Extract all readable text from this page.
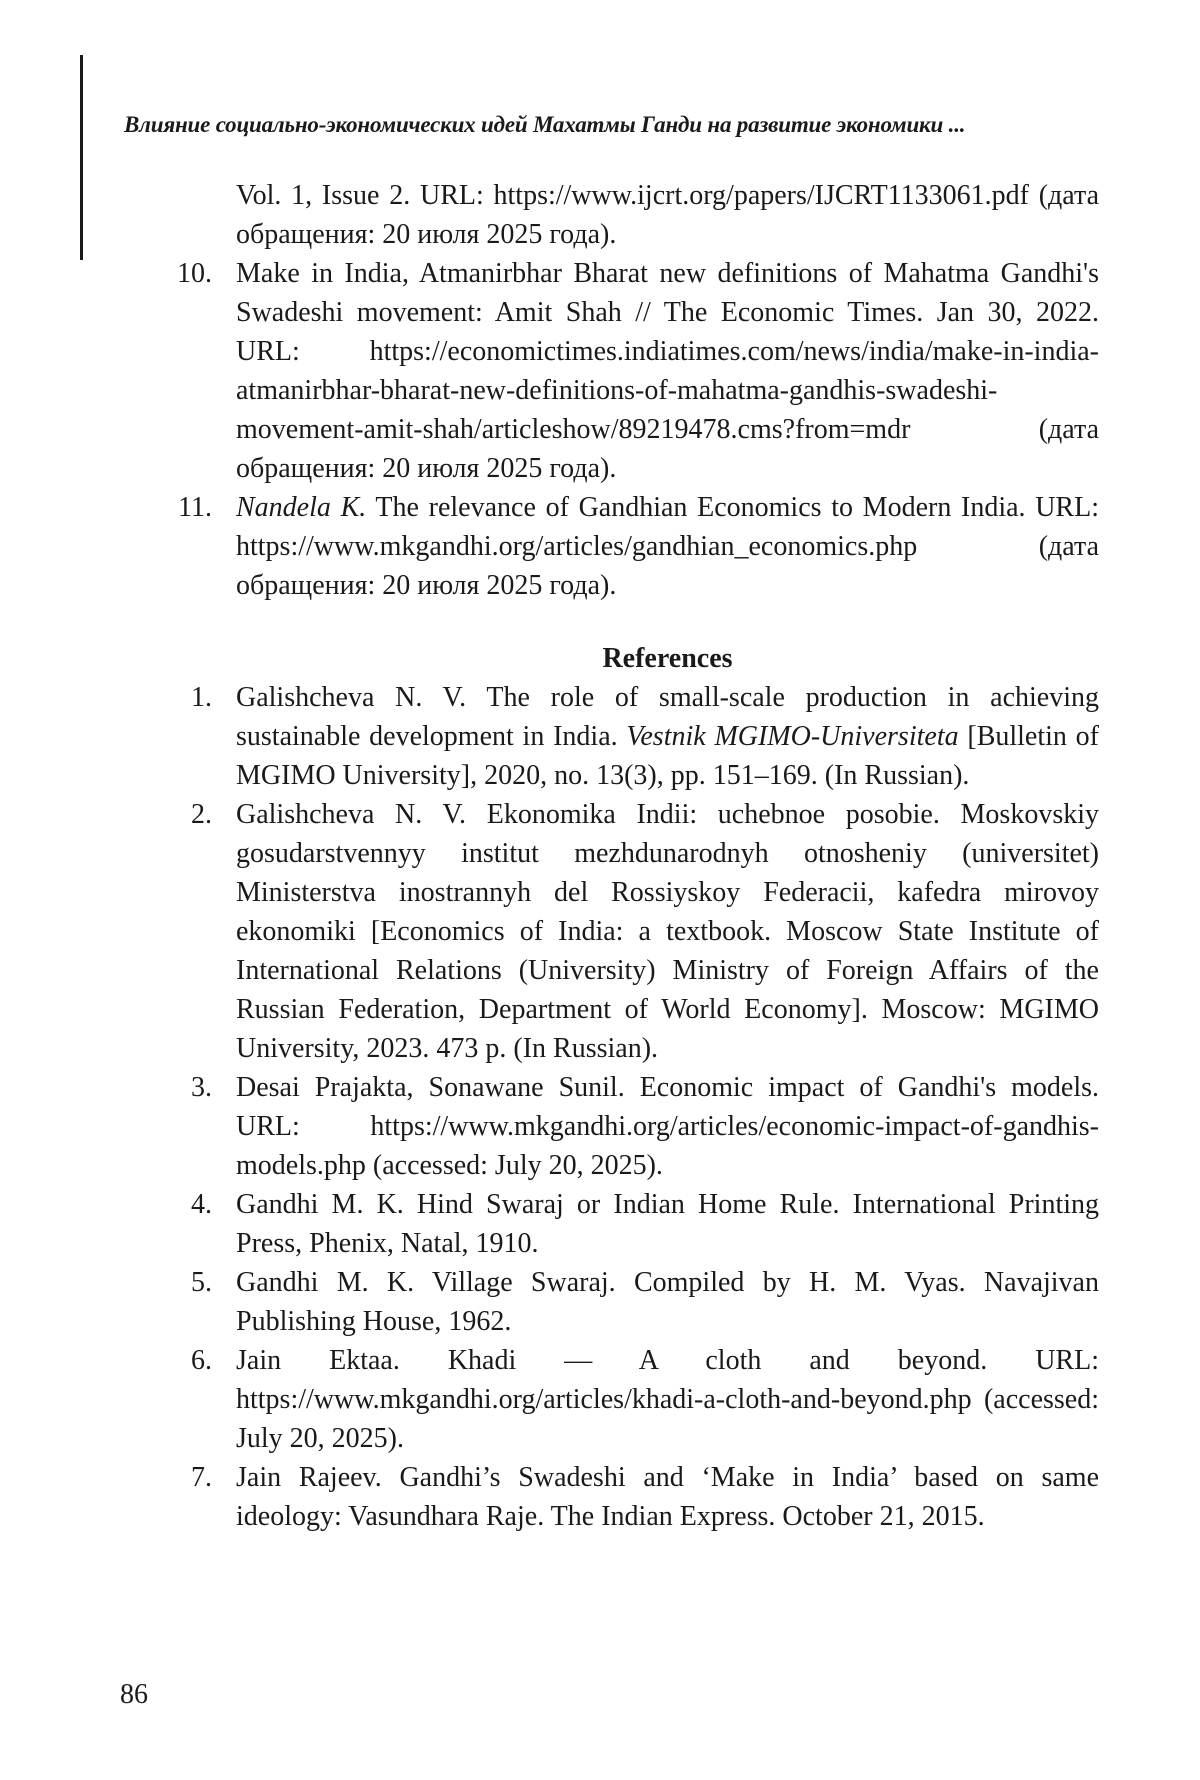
Влияние социально-экономических идей Махатмы Ганди на развитие экономики ...
Vol. 1, Issue 2. URL: https://www.ijcrt.org/papers/IJCRT1133061.pdf (дата обращения: 20 июля 2025 года).
10. Make in India, Atmanirbhar Bharat new definitions of Mahatma Gandhi's Swadeshi movement: Amit Shah // The Economic Times. Jan 30, 2022. URL: https://economictimes.indiatimes.com/news/india/make-in-india-atmanirbhar-bharat-new-definitions-of-mahatma-gandhis-swadeshi-movement-amit-shah/articleshow/89219478.cms?from=mdr (дата обращения: 20 июля 2025 года).
11. Nandela K. The relevance of Gandhian Economics to Modern India. URL: https://www.mkgandhi.org/articles/gandhian_economics.php (дата обращения: 20 июля 2025 года).
References
1. Galishcheva N. V. The role of small-scale production in achieving sustainable development in India. Vestnik MGIMO-Universiteta [Bulletin of MGIMO University], 2020, no. 13(3), pp. 151–169. (In Russian).
2. Galishcheva N. V. Ekonomika Indii: uchebnoe posobie. Moskovskiy gosudarstvennyy institut mezhdunarodnyh otnosheniy (universitet) Ministerstva inostrannyh del Rossiyskoy Federacii, kafedra mirovoy ekonomiki [Economics of India: a textbook. Moscow State Institute of International Relations (University) Ministry of Foreign Affairs of the Russian Federation, Department of World Economy]. Moscow: MGIMO University, 2023. 473 p. (In Russian).
3. Desai Prajakta, Sonawane Sunil. Economic impact of Gandhi's models. URL: https://www.mkgandhi.org/articles/economic-impact-of-gandhis-models.php (accessed: July 20, 2025).
4. Gandhi M. K. Hind Swaraj or Indian Home Rule. International Printing Press, Phenix, Natal, 1910.
5. Gandhi M. K. Village Swaraj. Compiled by H. M. Vyas. Navajivan Publishing House, 1962.
6. Jain Ektaa. Khadi — A cloth and beyond. URL: https://www.mkgandhi.org/articles/khadi-a-cloth-and-beyond.php (accessed: July 20, 2025).
7. Jain Rajeev. Gandhi’s Swadeshi and ‘Make in India’ based on same ideology: Vasundhara Raje. The Indian Express. October 21, 2015.
86
